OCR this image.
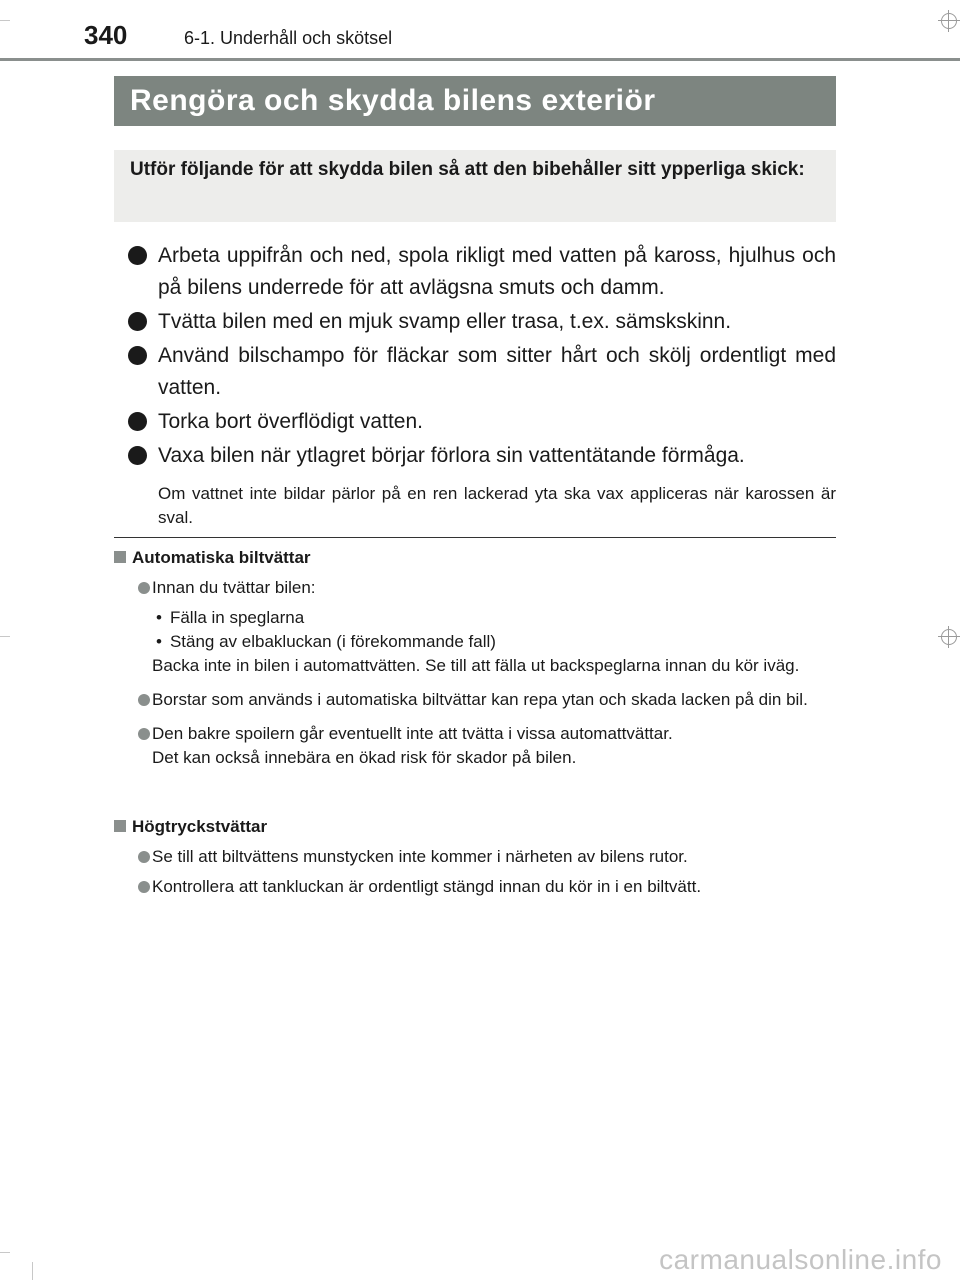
340	6-1. Underhåll och skötsel
Rengöra och skydda bilens exteriör
Utför följande för att skydda bilen så att den bibehåller sitt ypperliga skick:
Arbeta uppifrån och ned, spola rikligt med vatten på kaross, hjulhus och på bilens underrede för att avlägsna smuts och damm.
Tvätta bilen med en mjuk svamp eller trasa, t.ex. sämskskinn.
Använd bilschampo för fläckar som sitter hårt och skölj ordentligt med vatten.
Torka bort överflödigt vatten.
Vaxa bilen när ytlagret börjar förlora sin vattentätande förmåga.
Om vattnet inte bildar pärlor på en ren lackerad yta ska vax appliceras när karossen är sval.
Automatiska biltvättar
Innan du tvättar bilen:
• Fälla in speglarna
• Stäng av elbakluckan (i förekommande fall)
Backa inte in bilen i automattvätten. Se till att fälla ut backspeglarna innan du kör iväg.
Borstar som används i automatiska biltvättar kan repa ytan och skada lacken på din bil.
Den bakre spoilern går eventuellt inte att tvätta i vissa automattvättar.
Det kan också innebära en ökad risk för skador på bilen.
Högtryckstvättar
Se till att biltvättens munstycken inte kommer i närheten av bilens rutor.
Kontrollera att tankluckan är ordentligt stängd innan du kör in i en biltvätt.
carmanualsonline.info
